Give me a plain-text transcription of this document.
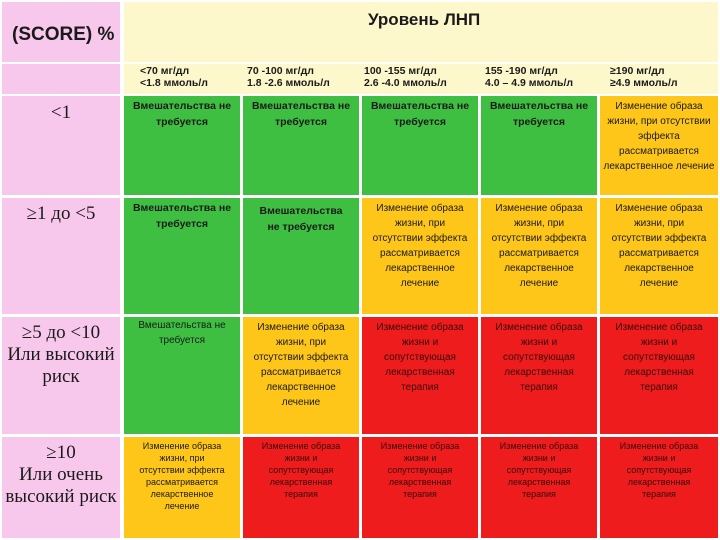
(SCORE) %
Уровень ЛНП
<70 мг/дл
<1.8 ммоль/л
70 -100 мг/дл
1.8 -2.6 ммоль/л
100 -155 мг/дл
2.6 -4.0 ммоль/л
155 -190 мг/дл
4.0 – 4.9 ммоль/л
≥190 мг/дл
≥4.9 ммоль/л
<1	Вмешательства не
требуется
Вмешательства не
требуется
Вмешательства не
требуется
Вмешательства не
требуется
Изменение образа
жизни, при отсутствии
эффекта
рассматривается
лекарственное лечение
≥1 до <5	Вмешательства не
требуется
Вмешательства
не требуется
Изменение образа
жизни, при
отсутствии эффекта
рассматривается
лекарственное
лечение
Изменение образа
жизни, при
отсутствии эффекта
рассматривается
лекарственное
лечение
Изменение образа
жизни, при
отсутствии эффекта
рассматривается
лекарственное
лечение
≥5 до <10
Или высокий
риск
Вмешательства не
требуется
Изменение образа
жизни, при
отсутствии эффекта
рассматривается
лекарственное
лечение
Изменение образа
жизни и
сопутствующая
лекарственная
терапия
Изменение образа
жизни и
сопутствующая
лекарственная
терапия
Изменение образа
жизни и
сопутствующая
лекарственная
терапия
≥10
Или очень
высокий риск
Изменение образа
жизни, при
отсутствии эффекта
рассматривается
лекарственное
лечение
Изменение образа
жизни и
сопутствующая
лекарственная
терапия
Изменение образа
жизни и
сопутствующая
лекарственная
терапия
Изменение образа
жизни и
сопутствующая
лекарственная
терапия
Изменение образа
жизни и
сопутствующая
лекарственная
терапия
